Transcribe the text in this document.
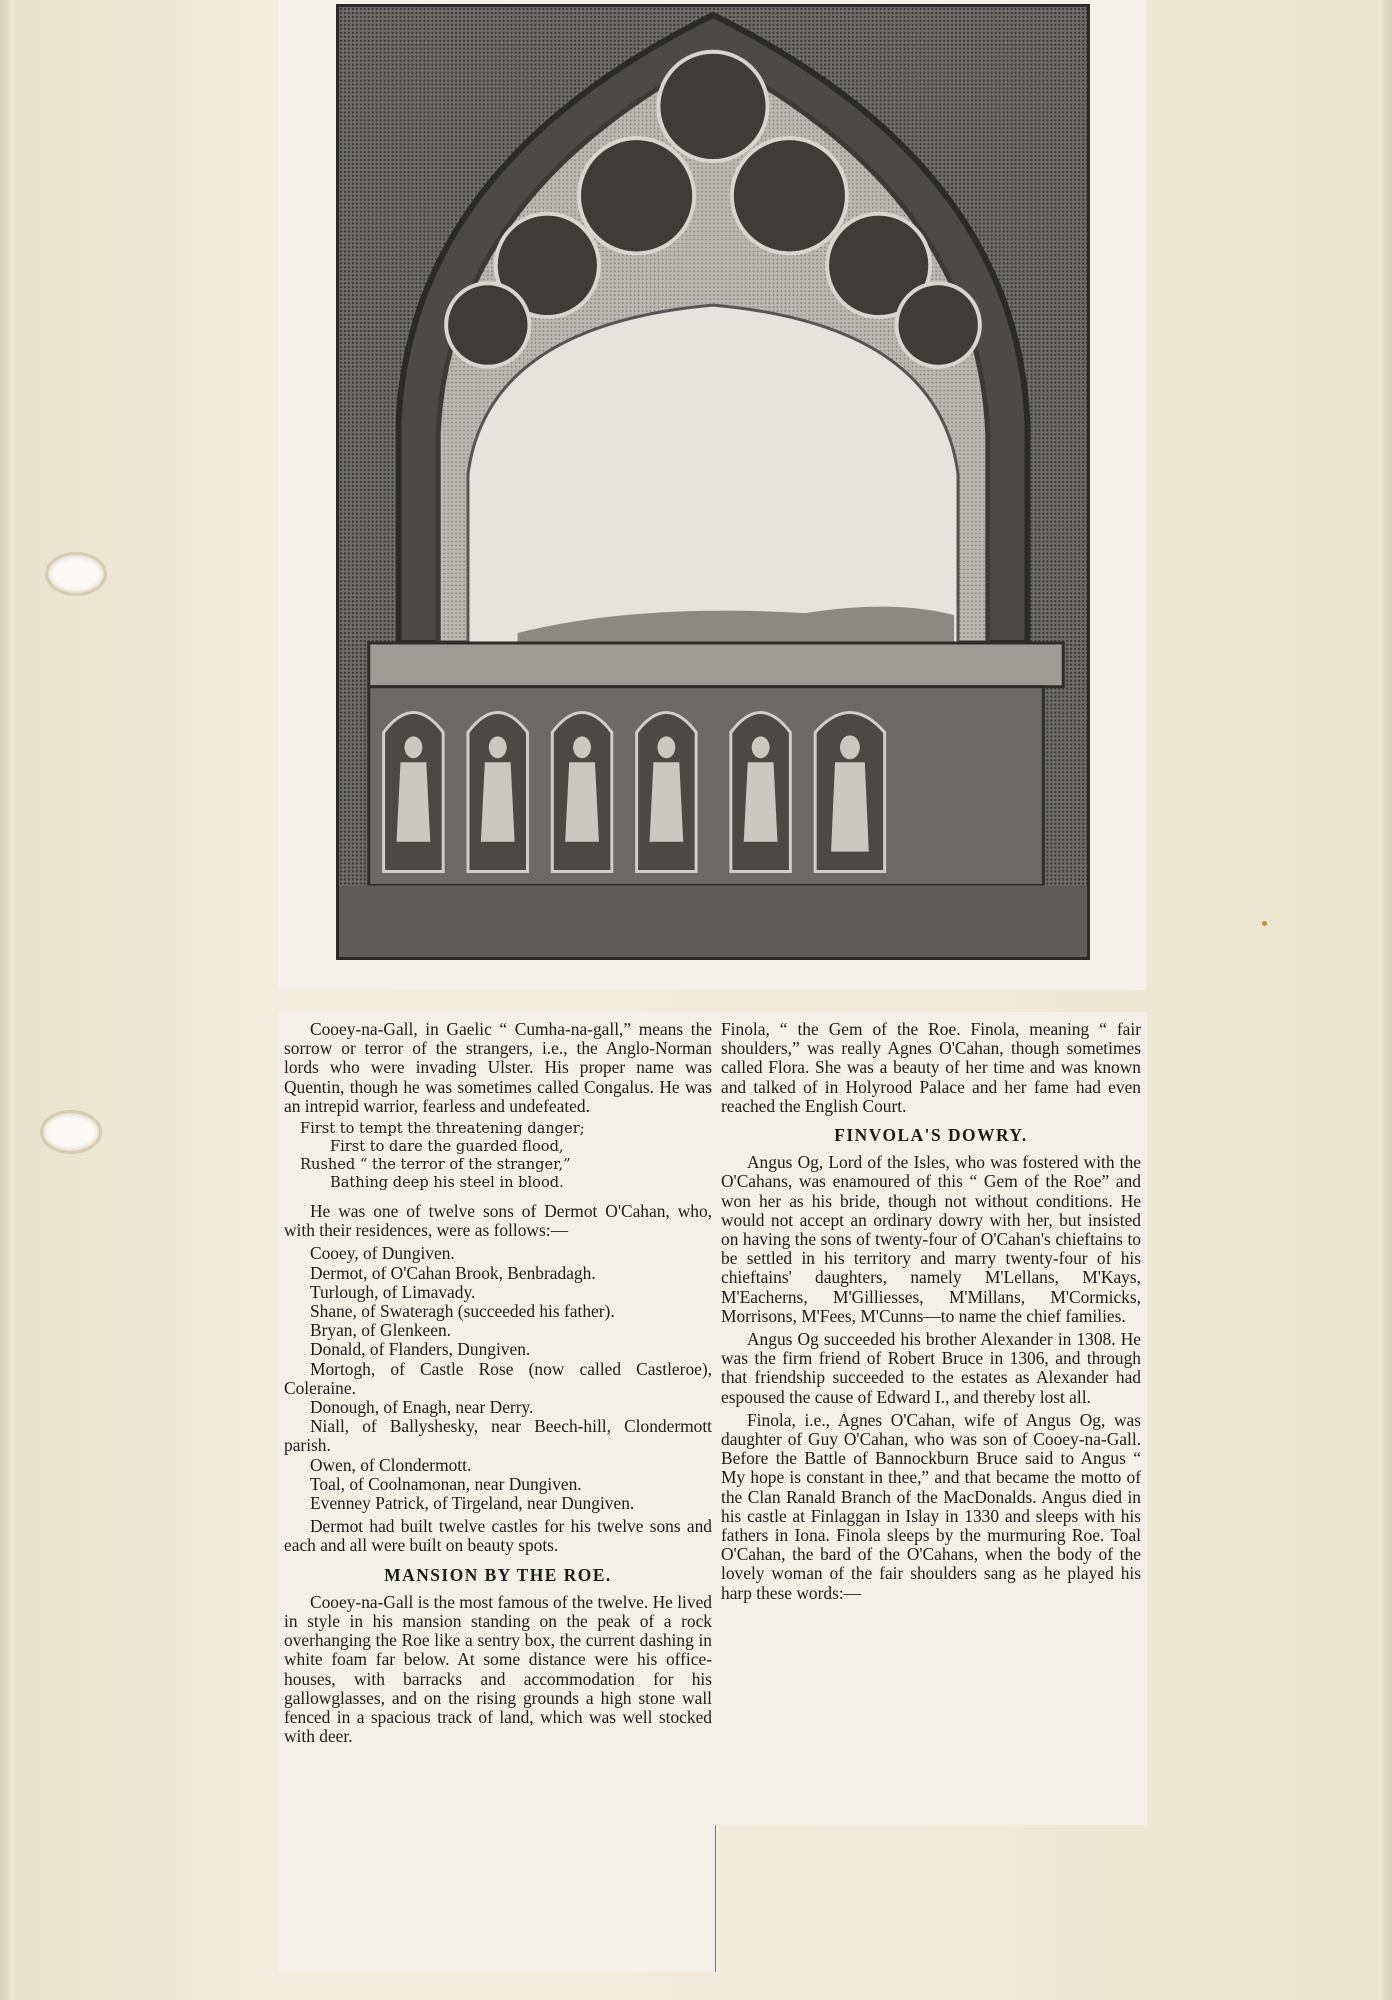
Cooey-na-Gall, in Gaelic “ Cumha-na-gall,” means the sorrow or terror of the strangers, i.e., the Anglo-Norman lords who were invading Ulster. His proper name was Quentin, though he was sometimes called Congalus. He was an intrepid warrior, fearless and undefeated.

First to tempt the threatening danger;
First to dare the guarded flood,
Rushed “ the terror of the stranger,”
Bathing deep his steel in blood.

He was one of twelve sons of Dermot O'Cahan, who, with their residences, were as follows:—

Cooey, of Dungiven.
Dermot, of O'Cahan Brook, Benbradagh.
Turlough, of Limavady.
Shane, of Swateragh (succeeded his father).
Bryan, of Glenkeen.
Donald, of Flanders, Dungiven.
Mortogh, of Castle Rose (now called Castleroe), Coleraine.
Donough, of Enagh, near Derry.
Niall, of Ballyshesky, near Beech-hill, Clondermott parish.
Owen, of Clondermott.
Toal, of Coolnamonan, near Dungiven.
Evenney Patrick, of Tirgeland, near Dungiven.

Dermot had built twelve castles for his twelve sons and each and all were built on beauty spots.

MANSION BY THE ROE.

Cooey-na-Gall is the most famous of the twelve. He lived in style in his mansion standing on the peak of a rock overhanging the Roe like a sentry box, the current dashing in white foam far below. At some distance were his office-houses, with barracks and accommodation for his gallowglasses, and on the rising grounds a high stone wall fenced in a spacious track of land, which was well stocked with deer.

Finola, “ the Gem of the Roe. Finola, meaning “ fair shoulders,” was really Agnes O'Cahan, though sometimes called Flora. She was a beauty of her time and was known and talked of in Holyrood Palace and her fame had even reached the English Court.

FINVOLA'S DOWRY.

Angus Og, Lord of the Isles, who was fostered with the O'Cahans, was enamoured of this “ Gem of the Roe” and won her as his bride, though not without conditions. He would not accept an ordinary dowry with her, but insisted on having the sons of twenty-four of O'Cahan's chieftains to be settled in his territory and marry twenty-four of his chieftains' daughters, namely M'Lellans, M'Kays, M'Eacherns, M'Gilliesses, M'Millans, M'Cormicks, Morrisons, M'Fees, M'Cunns—to name the chief families.

Angus Og succeeded his brother Alexander in 1308. He was the firm friend of Robert Bruce in 1306, and through that friendship succeeded to the estates as Alexander had espoused the cause of Edward I., and thereby lost all.

Finola, i.e., Agnes O'Cahan, wife of Angus Og, was daughter of Guy O'Cahan, who was son of Cooey-na-Gall. Before the Battle of Bannockburn Bruce said to Angus “ My hope is constant in thee,” and that became the motto of the Clan Ranald Branch of the MacDonalds. Angus died in his castle at Finlaggan in Islay in 1330 and sleeps with his fathers in Iona. Finola sleeps by the murmuring Roe. Toal O'Cahan, the bard of the O'Cahans, when the body of the lovely woman of the fair shoulders sang as he played his harp these words:—
